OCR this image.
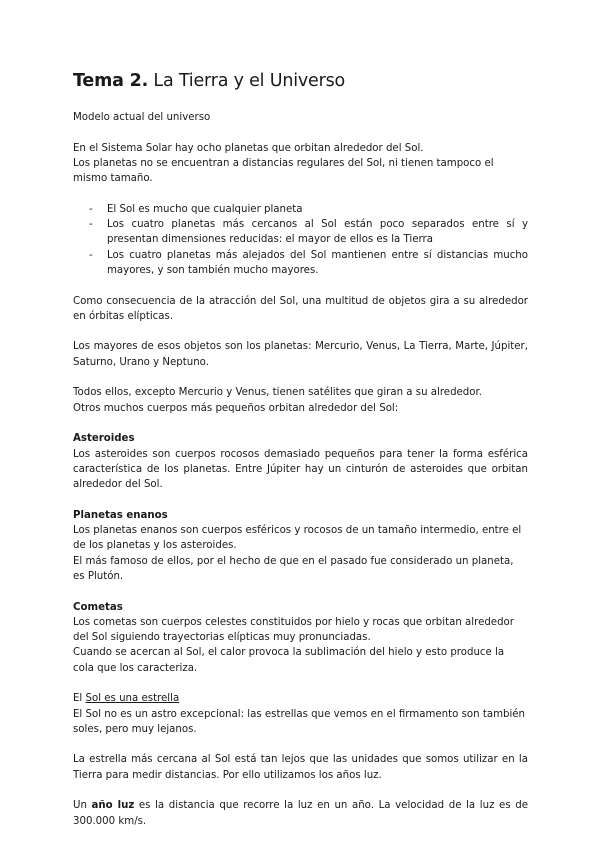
Tema 2. La Tierra y el Universo

Modelo actual del universo

En el Sistema Solar hay ocho planetas que orbitan alrededor del Sol.

Los planetas no se encuentran a distancias regulares del Sol, ni tienen tampoco el mismo tamaño.

- El Sol es mucho que cualquier planeta
- Los cuatro planetas más cercanos al Sol están poco separados entre sí y presentan dimensiones reducidas: el mayor de ellos es la Tierra
- Los cuatro planetas más alejados del Sol mantienen entre sí distancias mucho mayores, y son también mucho mayores.

Como consecuencia de la atracción del Sol, una multitud de objetos gira a su alrededor en órbitas elípticas.

Los mayores de esos objetos son los planetas: Mercurio, Venus, La Tierra, Marte, Júpiter, Saturno, Urano y Neptuno.

Todos ellos, excepto Mercurio y Venus, tienen satélites que giran a su alrededor.

Otros muchos cuerpos más pequeños orbitan alrededor del Sol:

Asteroides

Los asteroides son cuerpos rocosos demasiado pequeños para tener la forma esférica característica de los planetas. Entre Júpiter hay un cinturón de asteroides que orbitan alrededor del Sol.

Planetas enanos

Los planetas enanos son cuerpos esféricos y rocosos de un tamaño intermedio, entre el de los planetas y los asteroides.

El más famoso de ellos, por el hecho de que en el pasado fue considerado un planeta, es Plutón.

Cometas

Los cometas son cuerpos celestes constituidos por hielo y rocas que orbitan alrededor del Sol siguiendo trayectorias elípticas muy pronunciadas.

Cuando se acercan al Sol, el calor provoca la sublimación del hielo y esto produce la cola que los caracteriza.

El Sol es una estrella

El Sol no es un astro excepcional: las estrellas que vemos en el firmamento son también soles, pero muy lejanos.

La estrella más cercana al Sol está tan lejos que las unidades que somos utilizar en la Tierra para medir distancias. Por ello utilizamos los años luz.

Un año luz es la distancia que recorre la luz en un año. La velocidad de la luz es de 300.000 km/s.
